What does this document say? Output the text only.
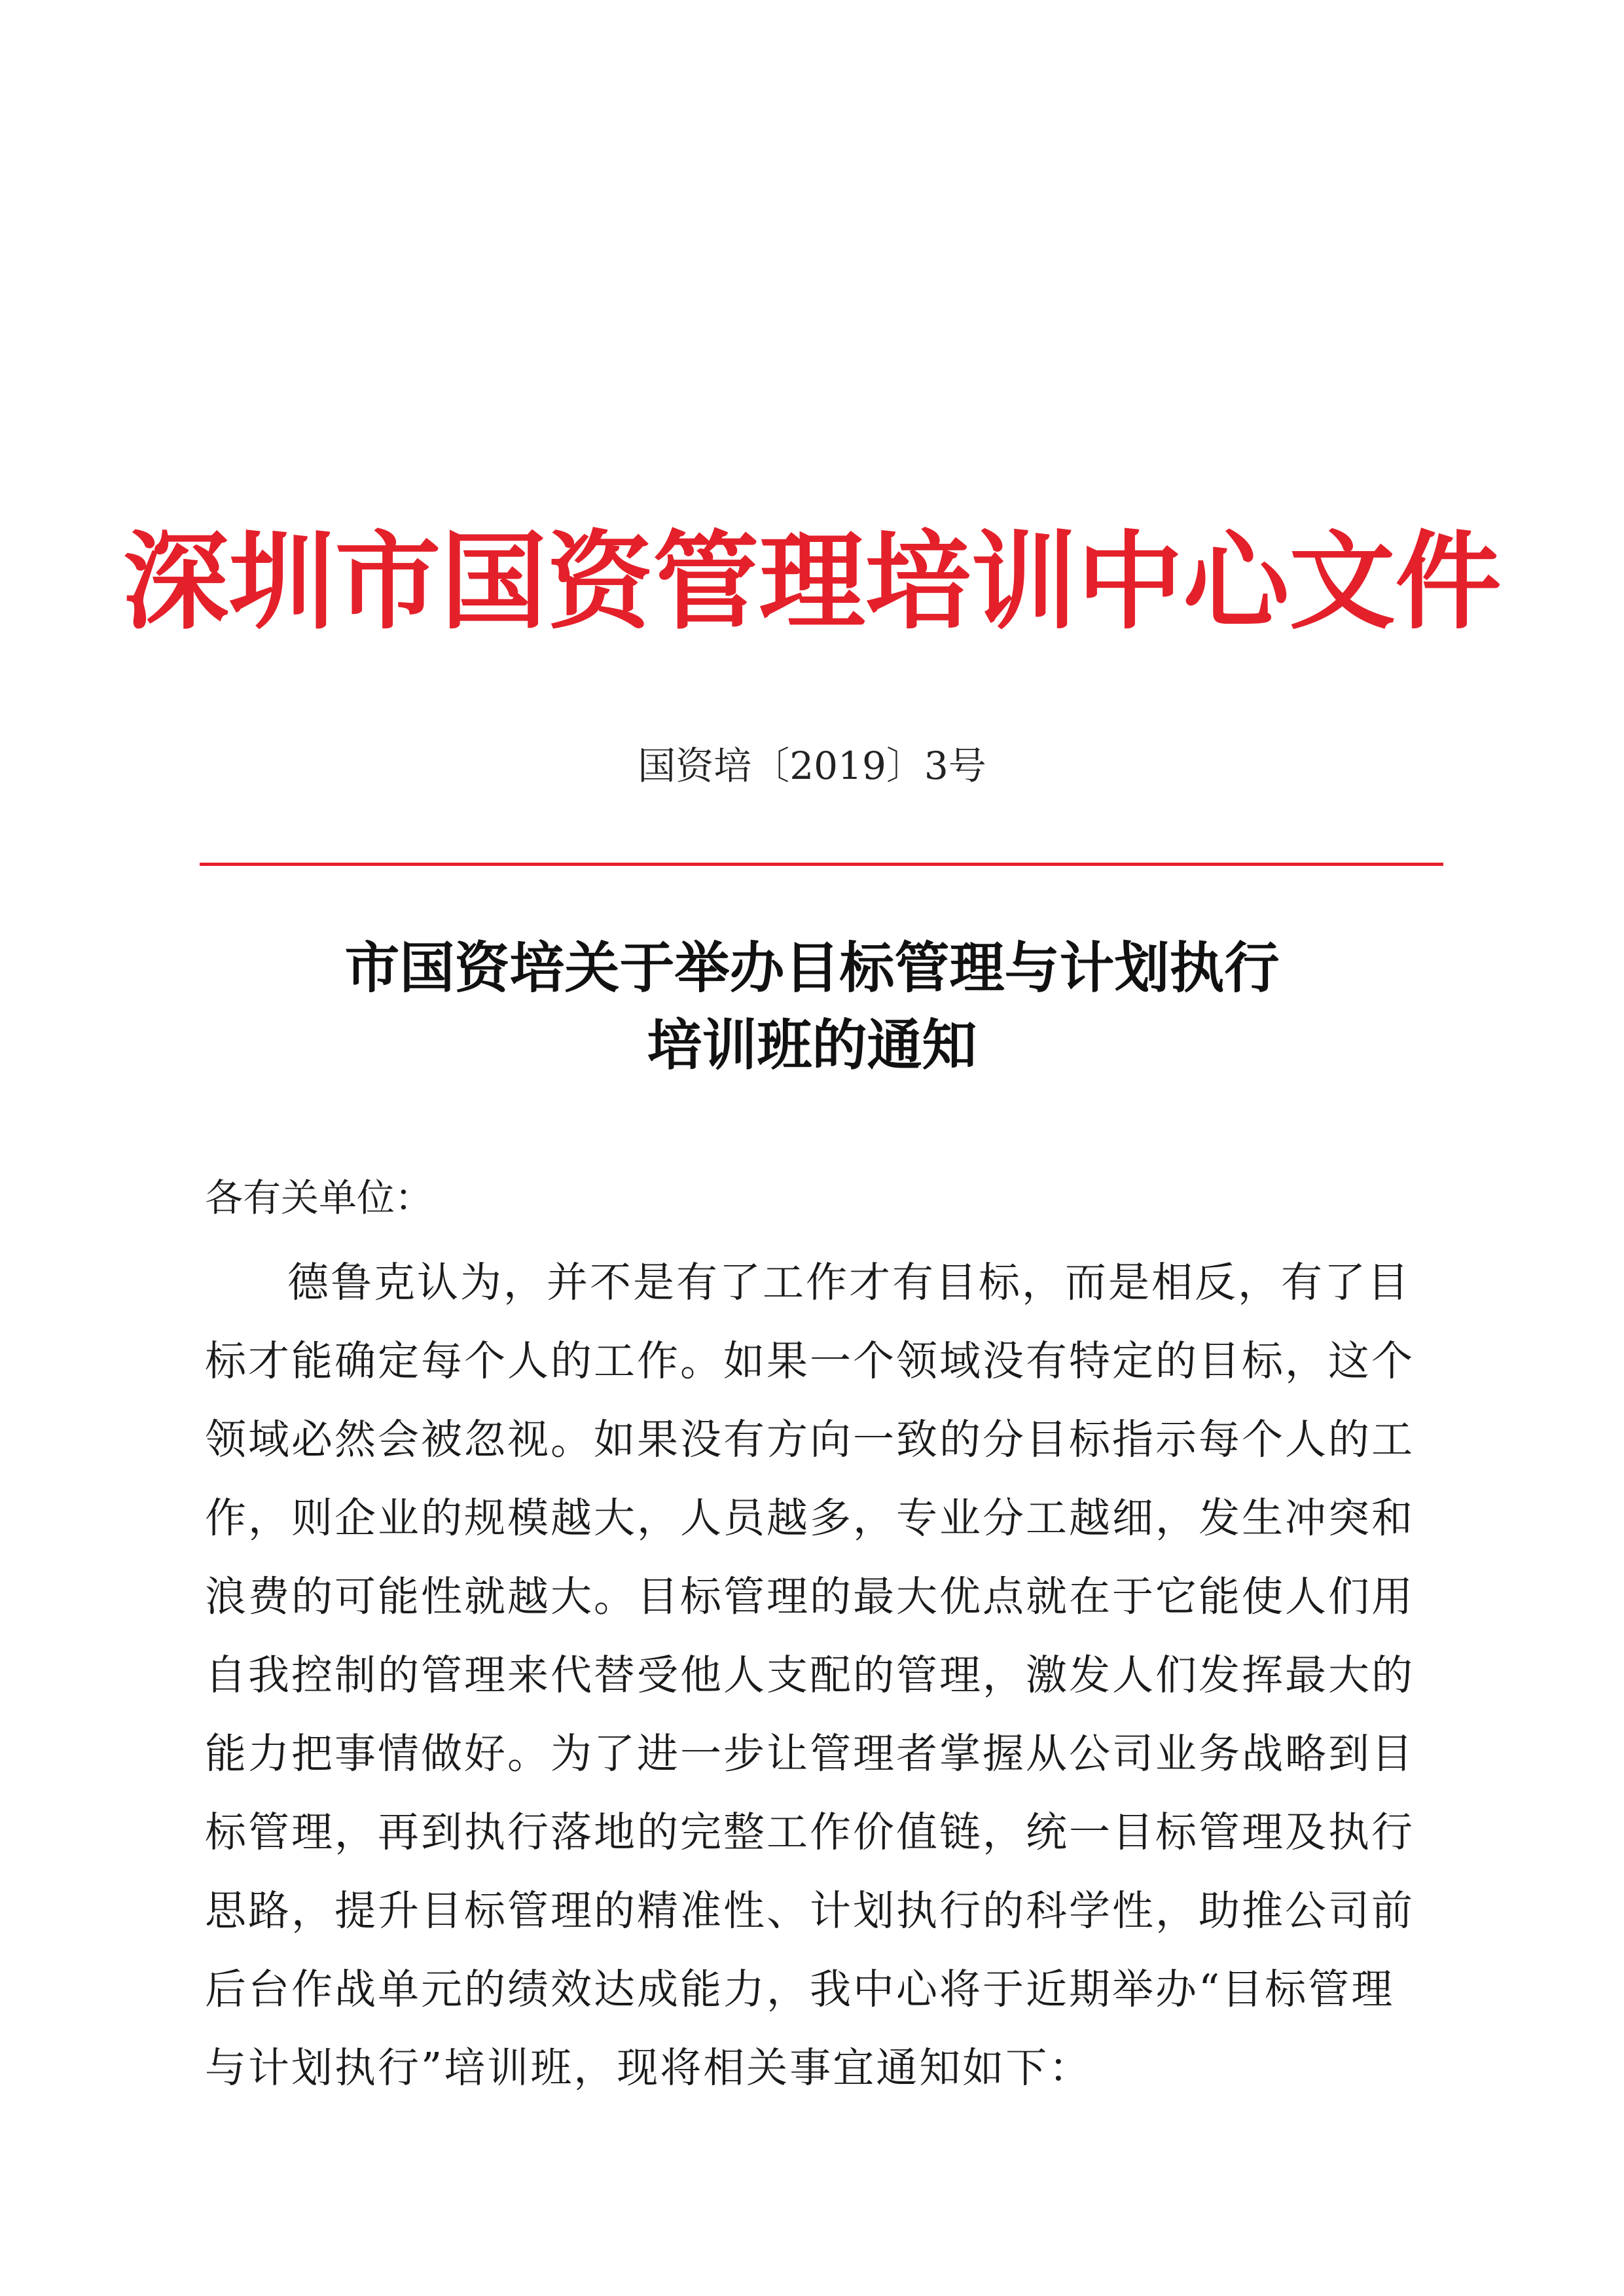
深圳市国资管理培训中心文件
国资培〔2019〕3号
市国资培关于举办目标管理与计划执行
培训班的通知
各有关单位：
德鲁克认为，并不是有了工作才有目标，而是相反，有了目
标才能确定每个人的工作。如果一个领域没有特定的目标，这个
领域必然会被忽视。如果没有方向一致的分目标指示每个人的工
作，则企业的规模越大，人员越多，专业分工越细，发生冲突和
浪费的可能性就越大。目标管理的最大优点就在于它能使人们用
自我控制的管理来代替受他人支配的管理，激发人们发挥最大的
能力把事情做好。为了进一步让管理者掌握从公司业务战略到目
标管理，再到执行落地的完整工作价值链，统一目标管理及执行
思路，提升目标管理的精准性、计划执行的科学性，助推公司前
后台作战单元的绩效达成能力，我中心将于近期举办“目标管理
与计划执行”培训班，现将相关事宜通知如下：
